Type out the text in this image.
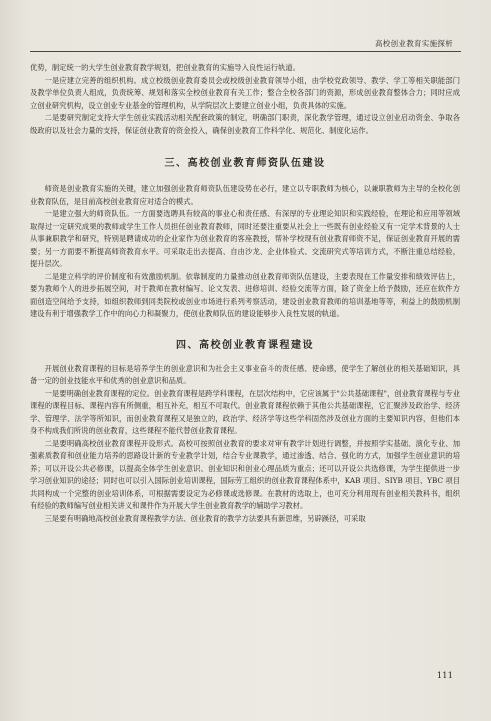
高校创业教育实施探析

优势，制定统一的大学生创业教育教学规划，把创业教育的实施导入良性运行轨道。

一是应建立完善的组织机构。成立校级创业教育委员会或校级创业教育领导小组，由学校党政领导、教学、学工等相关职能部门及教学单位负责人组成，负责统筹、规划和落实全校创业教育有关工作；整合全校各部门的资源，形成创业教育整体合力；同时应成立创业研究机构，设立创业专业基金的管理机构，从学院层次上要建立创业小组，负责具体的实施。

二是要研究制定支持大学生创业实践活动相关配套政策的制定，明确部门职责，深化教学管理，通过设立创业启动资金、争取各级政府以及社会力量的支持，保证创业教育的资金投入，确保创业教育工作科学化、规范化、制度化运作。

三、高校创业教育师资队伍建设

师资是创业教育实施的关键，建立加强创业教育师资队伍建设势在必行，建立以专职教师为核心，以兼职教师为主导的全校化创业教育队伍，是目前高校创业教育应对适合的模式。

一是建立强大的师资队伍。一方面要选聘具有较高的事业心和责任感、有深厚的专业理论知识和实践经验，在理论和应用等领域取得过一定研究成果的教师或学生工作人员担任创业教育教师，同时还要注重要从社会上一些既有创业经验又有一定学术背景的人士从事兼职教学和研究，特别是聘请成功的企业家作为创业教育的客座教授，帮补学校现有创业教育师资不足，保证创业教育开展的需要；另一方面要不断提高师资教育水平。可采取走出去提高、自由沙龙、企业体验式、交流研究式等培训方式，不断注重总结经验，提升层次。

二是建立科学的评价制度和有效激励机制。依靠制度的力量推动创业教育师资队伍建设，主要表现在工作量安排和绩效评估上，要为教师个人的进步拓展空间，对于教师在教材编写、论文发表、进修培训、经验交流等方面，除了资金上给予鼓励，还应在软件方面创造空间给予支持，如组织教师到同类院校或创业市场进行系列考察活动，建设创业教育教师的培训基地等等，利益上的鼓励机制建设有利于增强教学工作中的向心力和凝聚力，使创业教师队伍的建设能够步入良性发展的轨道。

四、高校创业教育课程建设

开展创业教育课程的目标是培养学生的创业意识和为社会主义事业奋斗的责任感、使命感，使学生了解创业的相关基础知识，具备一定的创业技能水平和优秀的创业意识和品质。

一是要明确创业教育课程的定位。创业教育课程是跨学科课程，在层次结构中，它应该属于"公共基础课程"，创业教育课程与专业课程的课程目标、课程内容有所侧重，相互补充，相互不可取代。创业教育课程依赖于其他公共基础课程，它汇聚涉及政治学、经济学、管理学、法学等所知识，而创业教育课程又是独立的，政治学、经济学等这些学科固然涉及创业方面的主要知识内容，但他们本身不构成我们所说的创业教育，这些课程不能代替创业教育课程。

二是要明确高校创业教育课程开设形式。高校可按照创业教育的要求对审有教学计划进行调整，并按照学实基础、演化专业、加强素质教育和创业能力培养的思路设计新的专业教学计划，结合专业课教学，通过渗透、结合、强化的方式，加强学生创业意识的培养；可以开设公共必修课，以提高全体学生创业意识、创业知识和创业心理品质为重点；还可以开设公共选修课，为学生提供进一步学习创业知识的途径；同时也可以引入国际创业培训课程，国际劳工组织的创业教育课程体系中，KAB 项目、SIYB 项目、YBC 项目共同构成一个完整的创业培训体系，可根据需要设定为必修课或选修课。在教材的选取上，也可充分利用现有创业相关教科书，组织有经验的教师编写创业相关讲义和课件作为开展大学生创业教育教学的辅助学习教材。

三是要有明确地高校创业教育课程教学方法、创业教育的教学方法要具有新思维，另辟蹊径，可采取

111
